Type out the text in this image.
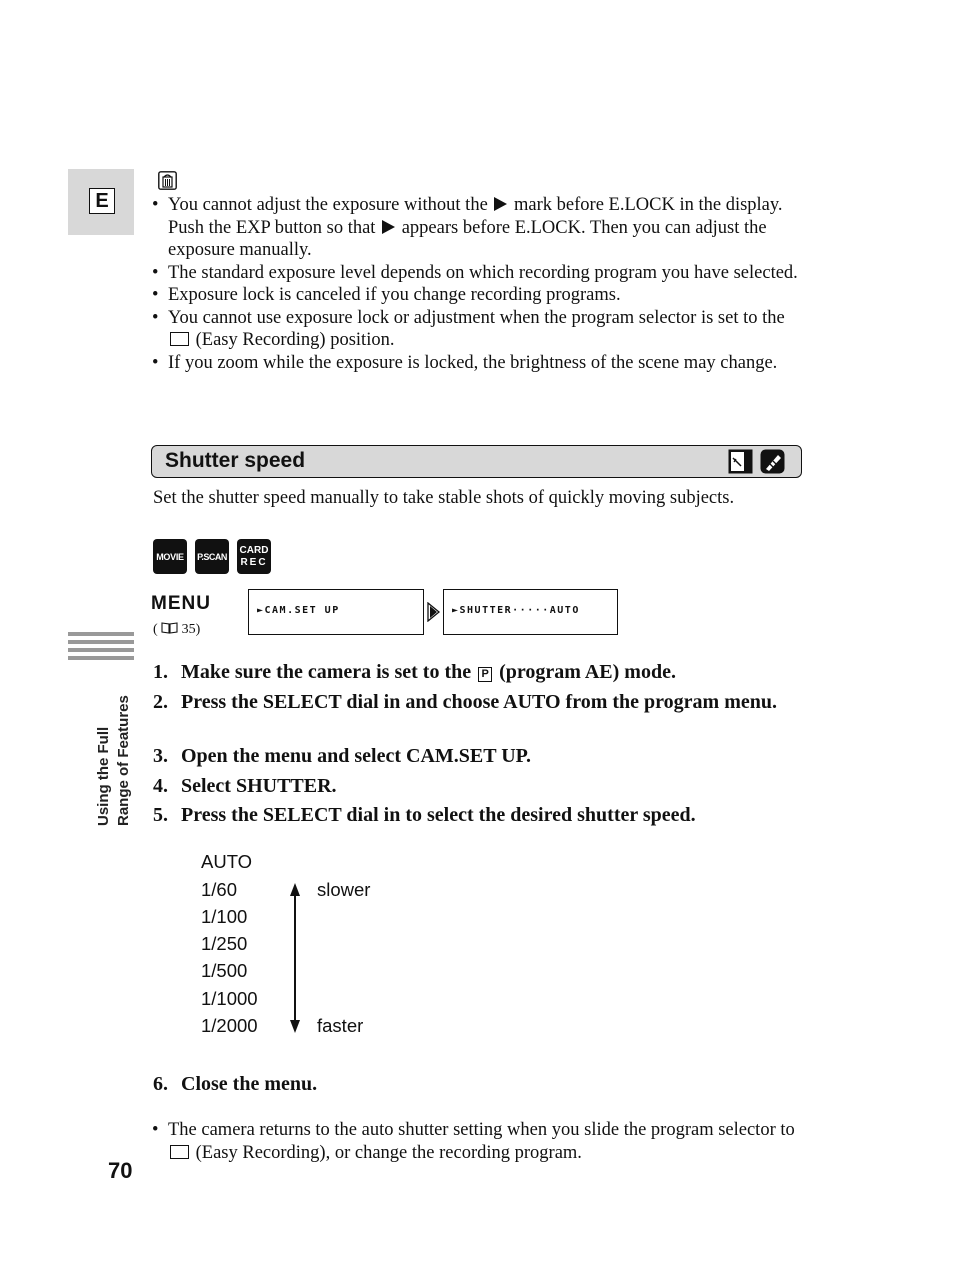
E
Using the Full Range of Features
• You cannot adjust the exposure without the mark before E.LOCK in the display. Push the EXP button so that appears before E.LOCK. Then you can adjust the exposure manually.
• The standard exposure level depends on which recording program you have selected.
• Exposure lock is canceled if you change recording programs.
• You cannot use exposure lock or adjustment when the program selector is set to the  (Easy Recording) position.
• If you zoom while the exposure is locked, the brightness of the scene may change.
Shutter speed
Set the shutter speed manually to take stable shots of quickly moving subjects.
MOVIE P.SCAN
CARD
REC
MENU
( 35)
►CAM.SET UP	►SHUTTER·····AUTO
1. Make sure the camera is set to the P (program AE) mode.
2. Press the SELECT dial in and choose AUTO from the program menu.
3. Open the menu and select CAM.SET UP.
4. Select SHUTTER.
5. Press the SELECT dial in to select the desired shutter speed.
AUTO
1/60
1/100
1/250
1/500
1/1000
1/2000
slower
faster
6. Close the menu.
• The camera returns to the auto shutter setting when you slide the program selector to  (Easy Recording), or change the recording program.
70
